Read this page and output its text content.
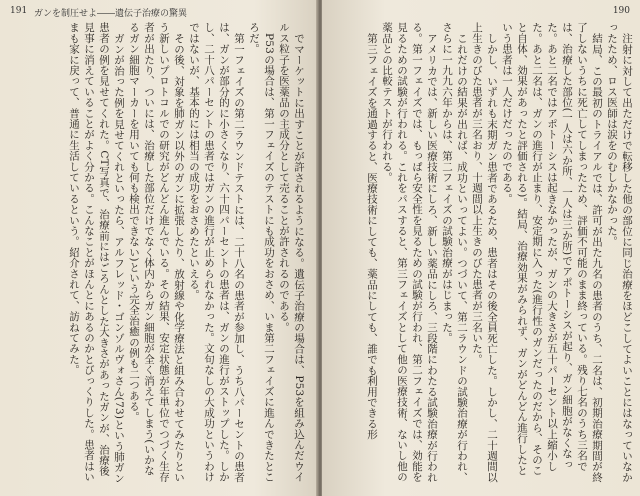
191 ガンを制圧せよ――遺伝子治療の驚異

でマーケットに出すことが許されるようになる。遺伝子治療の場合は、P53を組み込んだウイルス粒子を医薬品の主成分として売ることが許されるのである。

P53の場合は、第一フェイズのテストにも成功をおさめ、いま第二フェイズに進んできたところだ。

第一フェイズの第二ラウンドテストには、二十八名の患者が参加し、うち八パーセントの患者は、ガンが部分的に小さくなり、六十四パーセントの患者は、ガンの進行がストップした。しかし、二十八パーセントの患者ではガンの進行が止められなかった。文句なしの大成功というわけではないが、基本的には相当の成功をおさめたといえる。

その後、対象を肺ガン以外のガンに拡張したり、放射線や化学療法と組み合わせてみたりという新しいプロトコルでの研究がどんどん進んでいる。その結果、安定状態が年単位でつづく生存者が出たり、ついには、治療した部位だけでなく体内からガン細胞が全く消えてしまう(いかなるガン細胞マーカーを用いても何も検出できない)という完全治癒の例も二つある。

ガンが治った例を見せてくれといったら、アルフレッド・ゴンゾルヴォさん(73)という肺ガン患者の例を見せてくれた。CT写真で、治療前にはごろんとした大きさがあったガンが、治療後見事に消えていることがよく分かる。こんなことがほんとにあるのかとびっくりした。患者はいまも家に戻って、普通に生活しているという。紹介されて、訪ねてみた。

190

注射に対して出ただけで転移した他の部位に同じ治療をほどこしてよいことにはなっていなかったため、ロス医師は涙をのむしかなかった。

結局、この最初のトライアルでは、許可が出た九名の患者のうち、二名は、初期治療期間が終了しないうちに死亡してしまったため、評価不可能のまま終っている。残り七名のうち三名では、治療した部位(一人は六か所、一人は三か所)でアポトーシスが起り、ガン細胞がなくなった。あと二名ではアポトーシスは起きなかったが、ガンの大きさが五十パーセント以上縮小した。あと二名は、ガンの進行が止まり、安定期に入った(進行性のガンだったのだから、そのこと自体、効果があったと評価される)。結局、治療効果がみられず、ガンがどんどん進行したという患者は一人だけだったのである。

しかし、いずれも末期ガン患者であるため、患者はその後全員死亡した。しかし、二十週間以上生きのびた患者が三名おり、十週間以上生きのびた患者が三名いた。

これだけの結果が出れば、成功といってよい。つづいて、第二ラウンドの試験治療が行われ、さらに一九九六年からは、第二フェイズの試験治療がはじまった。

アメリカでは、新しい医療技術にしろ、新しい薬品にしろ、三段階にわたる試験治療が行われる。第一フェイズでは、もっぱら安全性を見るための試験が行われ、第二フェイズでは、効能を見るための試験が行われる。これをパスすると、第三フェイズとして他の医療技術、ないし他の薬品との比較テストが行われる。

第三フェイズを通過すると、医療技術にしても、薬品にしても、誰でも利用できる形
